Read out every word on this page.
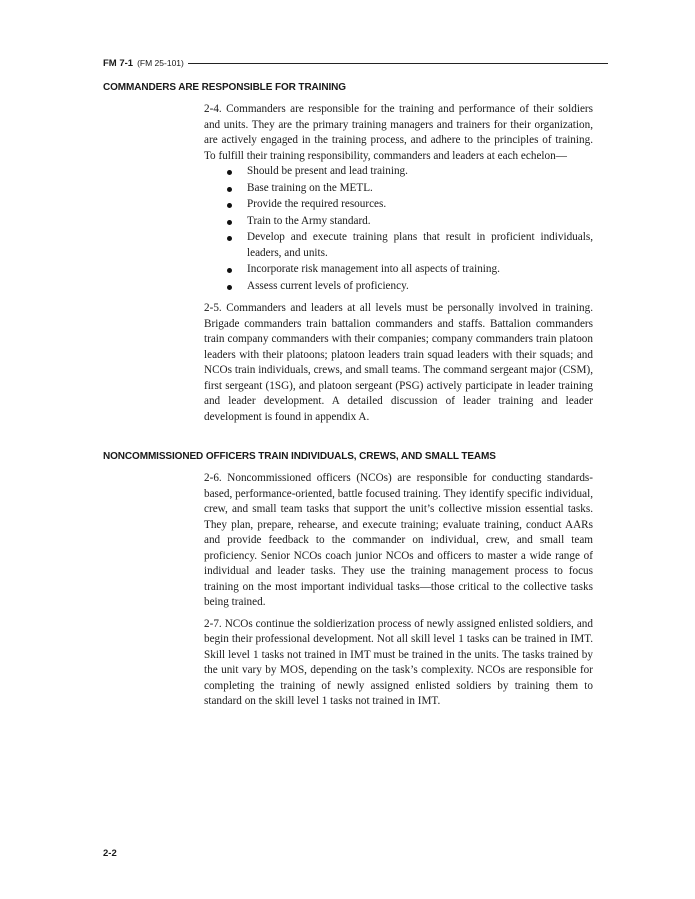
FM 7-1 (FM 25-101)
COMMANDERS ARE RESPONSIBLE FOR TRAINING

2-4. Commanders are responsible for the training and performance of their soldiers and units. They are the primary training managers and trainers for their organization, are actively engaged in the training process, and adhere to the principles of training. To fulfill their training responsibility, commanders and leaders at each echelon—

Should be present and lead training.
Base training on the METL.
Provide the required resources.
Train to the Army standard.
Develop and execute training plans that result in proficient individuals, leaders, and units.
Incorporate risk management into all aspects of training.
Assess current levels of proficiency.

2-5. Commanders and leaders at all levels must be personally involved in training. Brigade commanders train battalion commanders and staffs. Battalion commanders train company commanders with their companies; company commanders train platoon leaders with their platoons; platoon leaders train squad leaders with their squads; and NCOs train individuals, crews, and small teams. The command sergeant major (CSM), first sergeant (1SG), and platoon sergeant (PSG) actively participate in leader training and leader development. A detailed discussion of leader training and leader development is found in appendix A.

NONCOMMISSIONED OFFICERS TRAIN INDIVIDUALS, CREWS, AND SMALL TEAMS

2-6. Noncommissioned officers (NCOs) are responsible for conducting standards-based, performance-oriented, battle focused training. They identify specific individual, crew, and small team tasks that support the unit’s collective mission essential tasks. They plan, prepare, rehearse, and execute training; evaluate training, conduct AARs and provide feedback to the commander on individual, crew, and small team proficiency. Senior NCOs coach junior NCOs and officers to master a wide range of individual and leader tasks. They use the training management process to focus training on the most important individual tasks—those critical to the collective tasks being trained.

2-7. NCOs continue the soldierization process of newly assigned enlisted soldiers, and begin their professional development. Not all skill level 1 tasks can be trained in IMT. Skill level 1 tasks not trained in IMT must be trained in the units. The tasks trained by the unit vary by MOS, depending on the task’s complexity. NCOs are responsible for completing the training of newly assigned enlisted soldiers by training them to standard on the skill level 1 tasks not trained in IMT.

2-2
